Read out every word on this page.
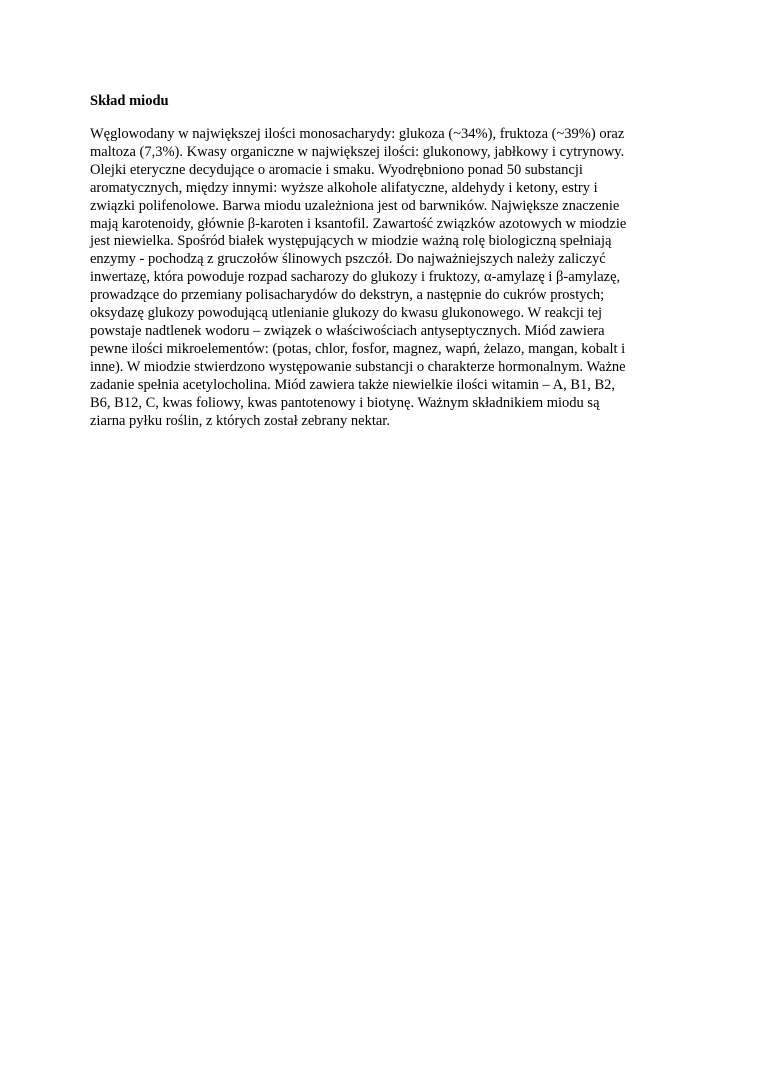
Skład miodu

Węglowodany w największej ilości monosacharydy: glukoza (~34%), fruktoza (~39%) oraz
maltoza (7,3%). Kwasy organiczne w największej ilości: glukonowy, jabłkowy i cytrynowy.
Olejki eteryczne decydujące o aromacie i smaku. Wyodrębniono ponad 50 substancji
aromatycznych, między innymi: wyższe alkohole alifatyczne, aldehydy i ketony, estry i
związki polifenolowe. Barwa miodu uzależniona jest od barwników. Największe znaczenie
mają karotenoidy, głównie β-karoten i ksantofil. Zawartość związków azotowych w miodzie
jest niewielka. Spośród białek występujących w miodzie ważną rolę biologiczną spełniają
enzymy - pochodzą z gruczołów ślinowych pszczół. Do najważniejszych należy zaliczyć
inwertazę, która powoduje rozpad sacharozy do glukozy i fruktozy, α-amylazę i β-amylazę,
prowadzące do przemiany polisacharydów do dekstryn, a następnie do cukrów prostych;
oksydazę glukozy powodującą utlenianie glukozy do kwasu glukonowego. W reakcji tej
powstaje nadtlenek wodoru – związek o właściwościach antyseptycznych. Miód zawiera
pewne ilości mikroelementów: (potas, chlor, fosfor, magnez, wapń, żelazo, mangan, kobalt i
inne). W miodzie stwierdzono występowanie substancji o charakterze hormonalnym. Ważne
zadanie spełnia acetylocholina. Miód zawiera także niewielkie ilości witamin – A, B1, B2,
B6, B12, C, kwas foliowy, kwas pantotenowy i biotynę. Ważnym składnikiem miodu są
ziarna pyłku roślin, z których został zebrany nektar.
